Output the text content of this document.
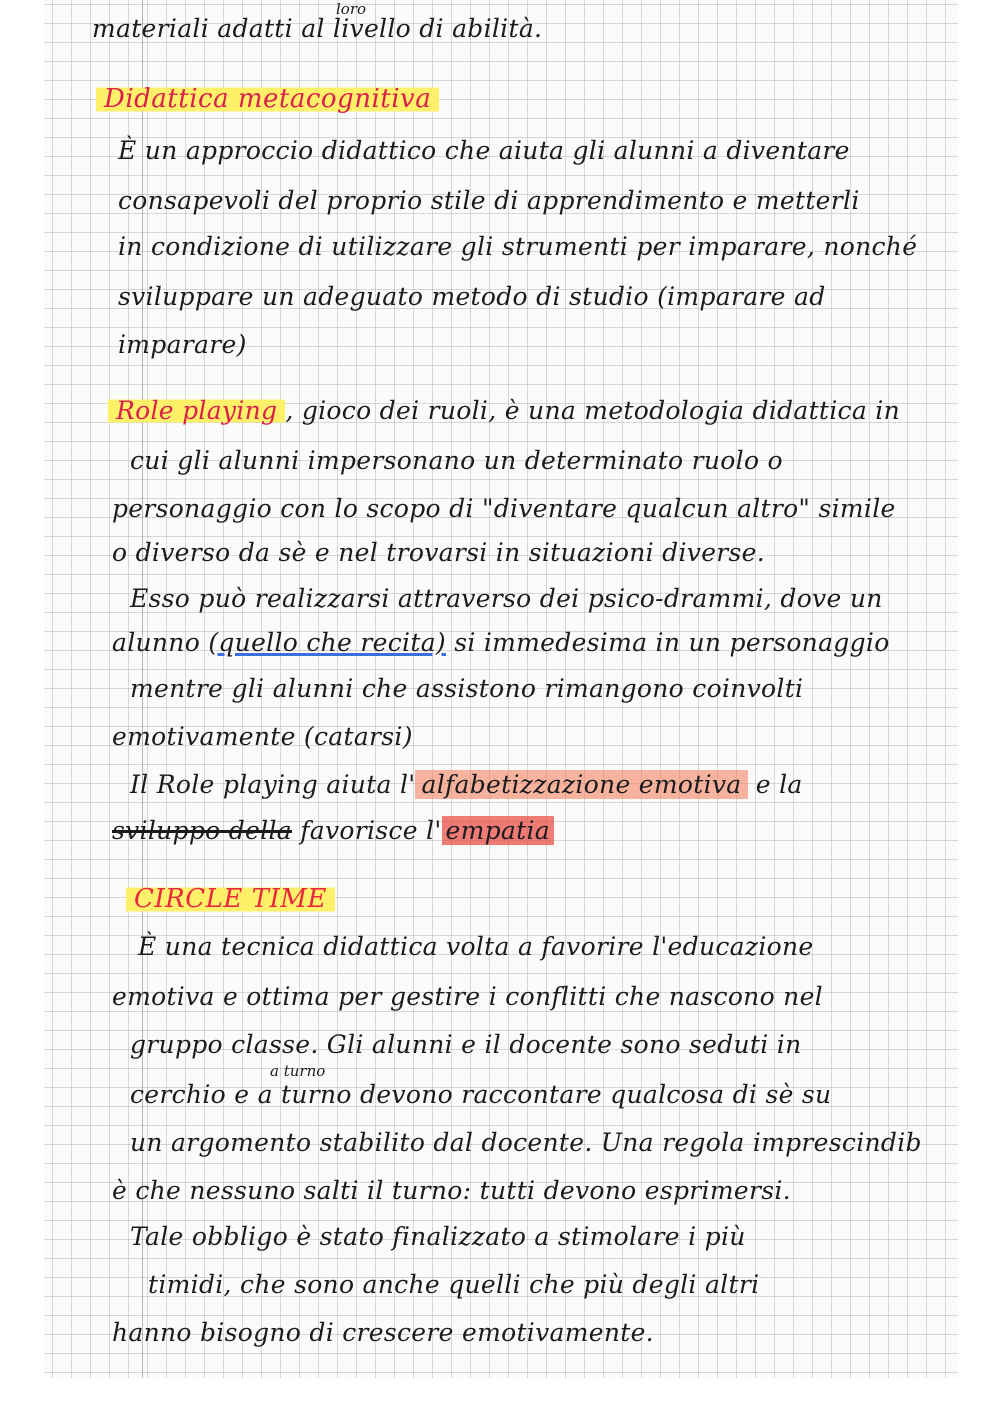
loro
materiali adatti al livello di abilità.
Didattica metacognitiva
È un approccio didattico che aiuta gli alunni a diventare
consapevoli del proprio stile di apprendimento e metterli
in condizione di utilizzare gli strumenti per imparare, nonché
sviluppare un adeguato metodo di studio (imparare ad
imparare)
Role playing , gioco dei ruoli, è una metodologia didattica in
cui gli alunni impersonano un determinato ruolo o
personaggio con lo scopo di "diventare qualcun altro" simile
o diverso da sè e nel trovarsi in situazioni diverse.
Esso può realizzarsi attraverso dei psico-drammi, dove un
alunno (quello che recita) si immedesima in un personaggio
mentre gli alunni che assistono rimangono coinvolti
emotivamente (catarsi)
Il Role playing aiuta l' alfabetizzazione emotiva e la
sviluppo della favorisce l' empatia
CIRCLE TIME
È una tecnica didattica volta a favorire l'educazione
emotiva e ottima per gestire i conflitti che nascono nel
gruppo classe. Gli alunni e il docente sono seduti in
a turno
cerchio e a turno devono raccontare qualcosa di sè su
un argomento stabilito dal docente. Una regola imprescindib
è che nessuno salti il turno: tutti devono esprimersi.
Tale obbligo è stato finalizzato a stimolare i più
timidi, che sono anche quelli che più degli altri
hanno bisogno di crescere emotivamente.
